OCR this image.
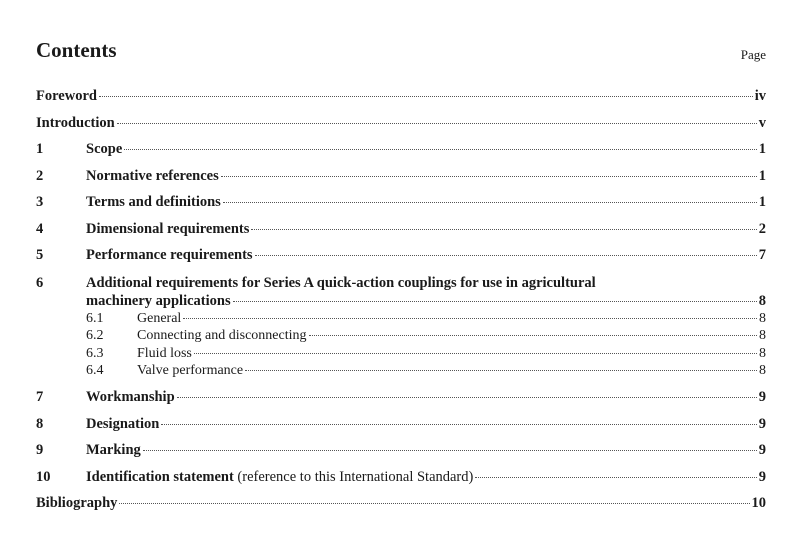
Contents	Page
Foreword	iv
Introduction	v
1	Scope	1
2	Normative references	1
3	Terms and definitions	1
4	Dimensional requirements	2
5	Performance requirements	7
6	Additional requirements for Series A quick-action couplings for use in agricultural
machinery applications	8
6.1	General	8
6.2	Connecting and disconnecting	8
6.3	Fluid loss	8
6.4	Valve performance	8
7	Workmanship	9
8	Designation	9
9	Marking	9
10	Identification statement (reference to this International Standard)	9
Bibliography	10
